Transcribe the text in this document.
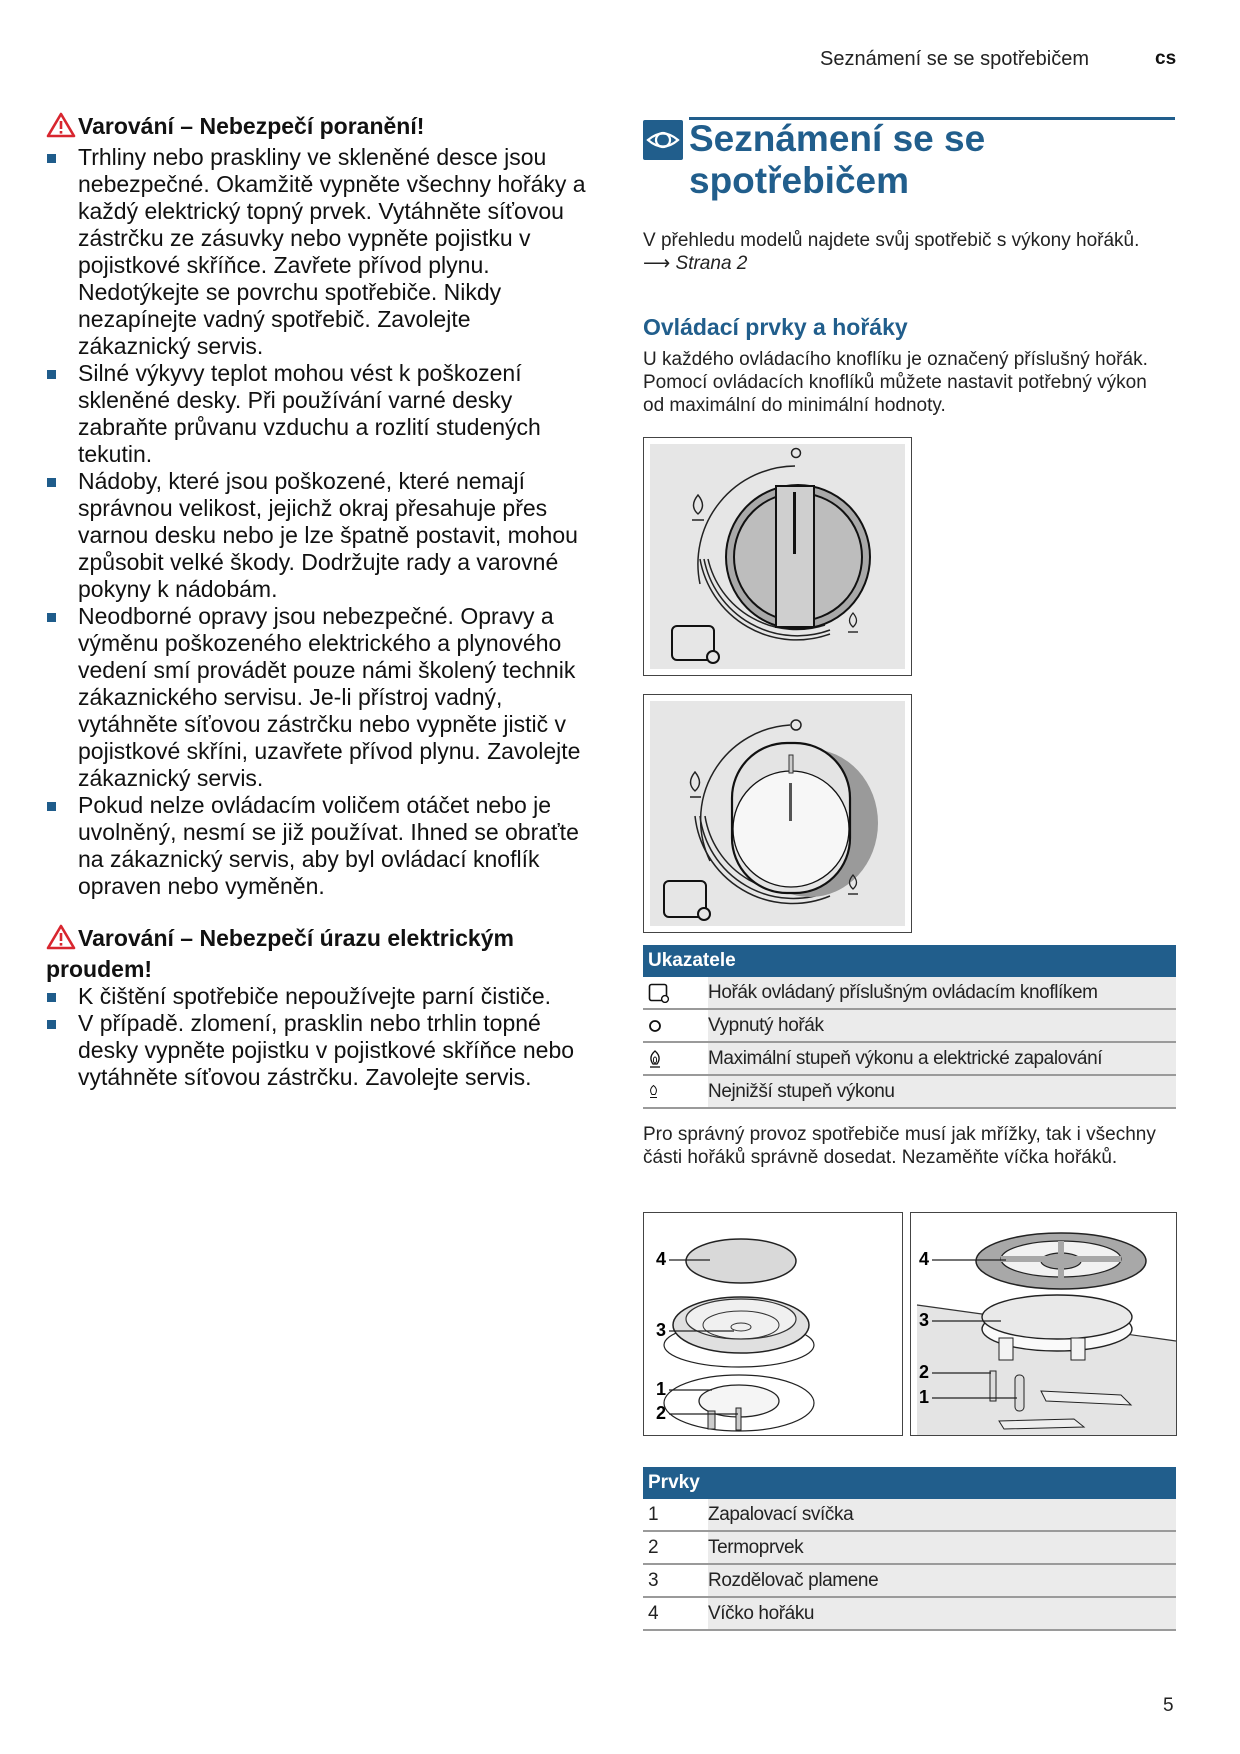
Seznámení se se spotřebičem	cs

Varování – Nebezpečí poranění!

Trhliny nebo praskliny ve skleněné desce jsou nebezpečné. Okamžitě vypněte všechny hořáky a každý elektrický topný prvek. Vytáhněte síťovou zástrčku ze zásuvky nebo vypněte pojistku v pojistkové skříňce. Zavřete přívod plynu. Nedotýkejte se povrchu spotřebiče. Nikdy nezapínejte vadný spotřebič. Zavolejte zákaznický servis.
Silné výkyvy teplot mohou vést k poškození skleněné desky. Při používání varné desky zabraňte průvanu vzduchu a rozlití studených tekutin.
Nádoby, které jsou poškozené, které nemají správnou velikost, jejichž okraj přesahuje přes varnou desku nebo je lze špatně postavit, mohou způsobit velké škody. Dodržujte rady a varovné pokyny k nádobám.
Neodborné opravy jsou nebezpečné. Opravy a výměnu poškozeného elektrického a plynového vedení smí provádět pouze námi školený technik zákaznického servisu. Je-li přístroj vadný, vytáhněte síťovou zástrčku nebo vypněte jistič v pojistkové skříni, uzavřete přívod plynu. Zavolejte zákaznický servis.
Pokud nelze ovládacím voličem otáčet nebo je uvolněný, nesmí se již používat. Ihned se obraťte na zákaznický servis, aby byl ovládací knoflík opraven nebo vyměněn.

Varování – Nebezpečí úrazu elektrickým proudem!

K čištění spotřebiče nepoužívejte parní čističe.
V případě. zlomení, prasklin nebo trhlin topné desky vypněte pojistku v pojistkové skříňce nebo vytáhněte síťovou zástrčku. Zavolejte servis.
Seznámení se se
spotřebičem
V přehledu modelů najdete svůj spotřebič s výkony hořáků. ⟶ Strana 2
Ovládací prvky a hořáky
U každého ovládacího knoflíku je označený příslušný hořák. Pomocí ovládacích knoflíků můžete nastavit potřebný výkon od maximální do minimální hodnoty.
Ukazatele
Hořák ovládaný příslušným ovládacím knoflíkem
Vypnutý hořák
Maximální stupeň výkonu a elektrické zapalování
Nejnižší stupeň výkonu
Pro správný provoz spotřebiče musí jak mřížky, tak i všechny části hořáků správně dosedat. Nezaměňte víčka hořáků.
4
3
1
2
4
3
2
1
Prvky
1	Zapalovací svíčka
2	Termoprvek
3	Rozdělovač plamene
4	Víčko hořáku
5
